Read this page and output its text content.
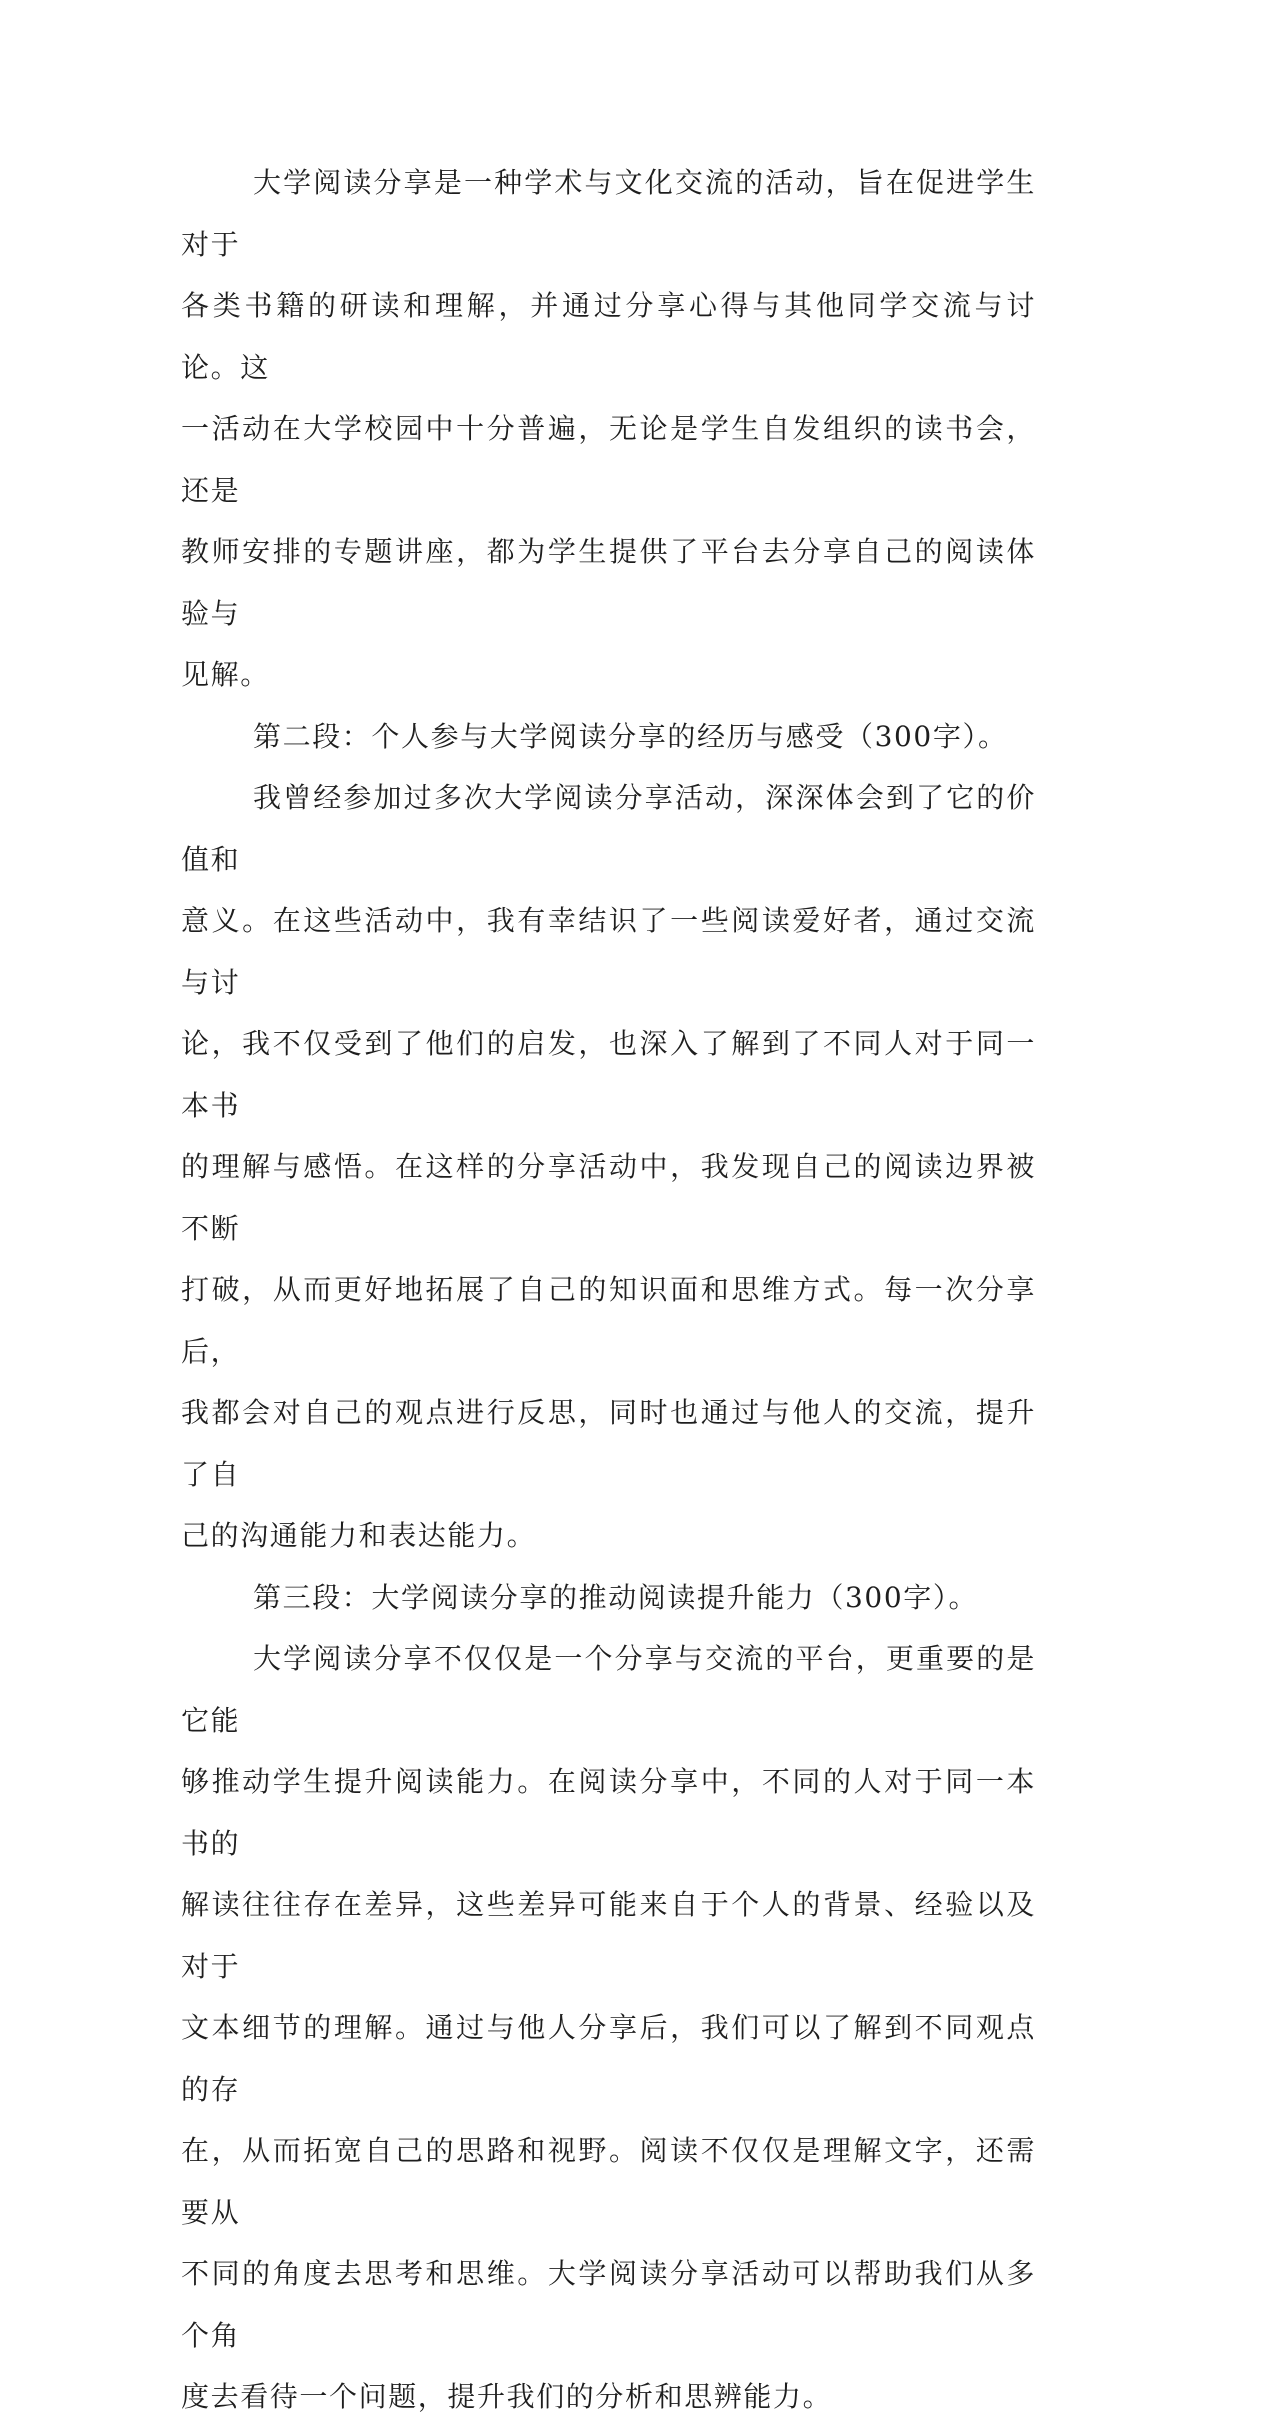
大学阅读分享是一种学术与文化交流的活动，旨在促进学生对于
各类书籍的研读和理解，并通过分享心得与其他同学交流与讨论。这
一活动在大学校园中十分普遍，无论是学生自发组织的读书会，还是
教师安排的专题讲座，都为学生提供了平台去分享自己的阅读体验与
见解。

第二段：个人参与大学阅读分享的经历与感受（300字）。

我曾经参加过多次大学阅读分享活动，深深体会到了它的价值和
意义。在这些活动中，我有幸结识了一些阅读爱好者，通过交流与讨
论，我不仅受到了他们的启发，也深入了解到了不同人对于同一本书
的理解与感悟。在这样的分享活动中，我发现自己的阅读边界被不断
打破，从而更好地拓展了自己的知识面和思维方式。每一次分享后，
我都会对自己的观点进行反思，同时也通过与他人的交流，提升了自
己的沟通能力和表达能力。

第三段：大学阅读分享的推动阅读提升能力（300字）。

大学阅读分享不仅仅是一个分享与交流的平台，更重要的是它能
够推动学生提升阅读能力。在阅读分享中，不同的人对于同一本书的
解读往往存在差异，这些差异可能来自于个人的背景、经验以及对于
文本细节的理解。通过与他人分享后，我们可以了解到不同观点的存
在，从而拓宽自己的思路和视野。阅读不仅仅是理解文字，还需要从
不同的角度去思考和思维。大学阅读分享活动可以帮助我们从多个角
度去看待一个问题，提升我们的分析和思辨能力。
